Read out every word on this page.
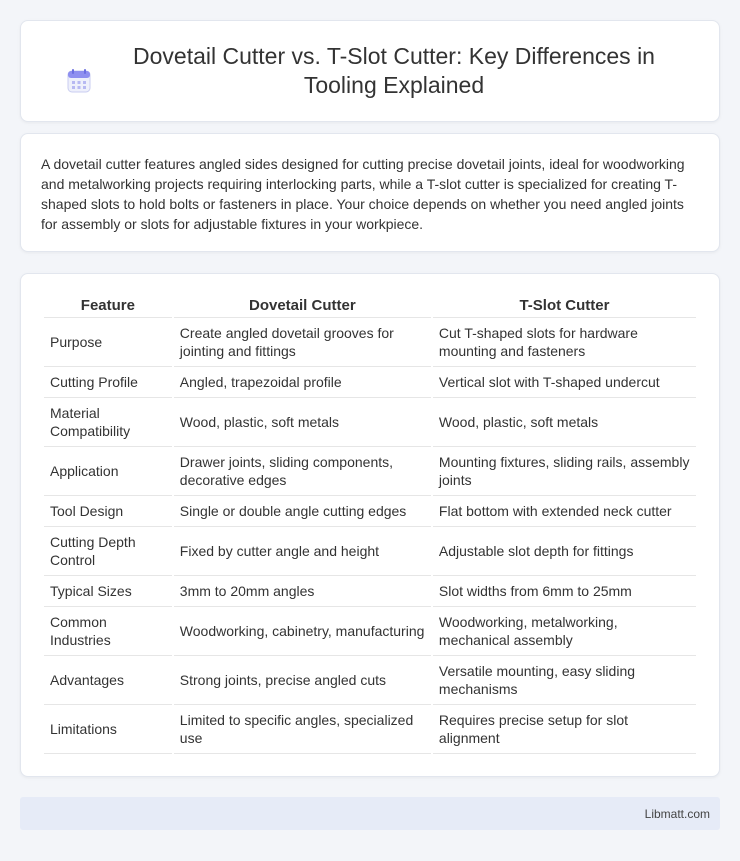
Dovetail Cutter vs. T-Slot Cutter: Key Differences in Tooling Explained

A dovetail cutter features angled sides designed for cutting precise dovetail joints, ideal for woodworking and metalworking projects requiring interlocking parts, while a T-slot cutter is specialized for creating T-shaped slots to hold bolts or fasteners in place. Your choice depends on whether you need angled joints for assembly or slots for adjustable fixtures in your workpiece.

Feature	Dovetail Cutter	T-Slot Cutter
Purpose	Create angled dovetail grooves for jointing and fittings	Cut T-shaped slots for hardware mounting and fasteners
Cutting Profile	Angled, trapezoidal profile	Vertical slot with T-shaped undercut
Material Compatibility	Wood, plastic, soft metals	Wood, plastic, soft metals
Application	Drawer joints, sliding components, decorative edges	Mounting fixtures, sliding rails, assembly joints
Tool Design	Single or double angle cutting edges	Flat bottom with extended neck cutter
Cutting Depth Control	Fixed by cutter angle and height	Adjustable slot depth for fittings
Typical Sizes	3mm to 20mm angles	Slot widths from 6mm to 25mm
Common Industries	Woodworking, cabinetry, manufacturing	Woodworking, metalworking, mechanical assembly
Advantages	Strong joints, precise angled cuts	Versatile mounting, easy sliding mechanisms
Limitations	Limited to specific angles, specialized use	Requires precise setup for slot alignment
Libmatt.com
